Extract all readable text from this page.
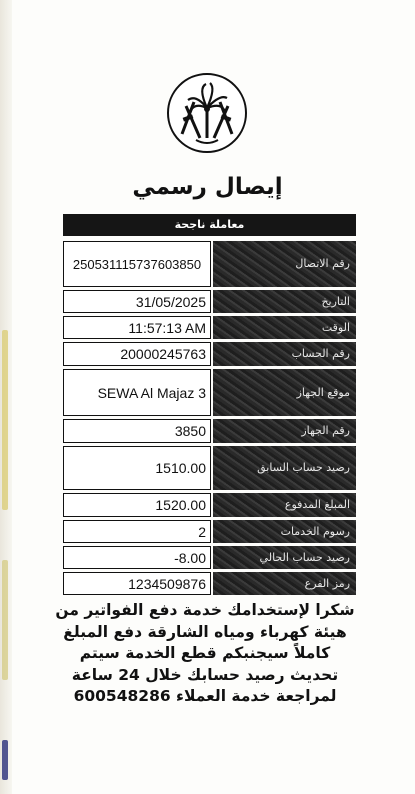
إيصال رسمي
معاملة ناجحة
250531115737603850	رقم الاتصال
31/05/2025	التاريخ
11:57:13 AM	الوقت
20000245763	رقم الحساب
SEWA Al Majaz 3	موقع الجهاز
3850	رقم الجهاز
1510.00	رصيد حساب السابق
1520.00	المبلغ المدفوع
2	رسوم الخدمات
-8.00	رصيد حساب الحالي
1234509876	رمز الفرع
شكرا لإستخدامك خدمة دفع الفواتير من
هيئة كهرباء ومياه الشارقة دفع المبلغ
كاملاً سيجنبكم قطع الخدمة سيتم
تحديث رصيد حسابك خلال 24 ساعة
لمراجعة خدمة العملاء 600548286
